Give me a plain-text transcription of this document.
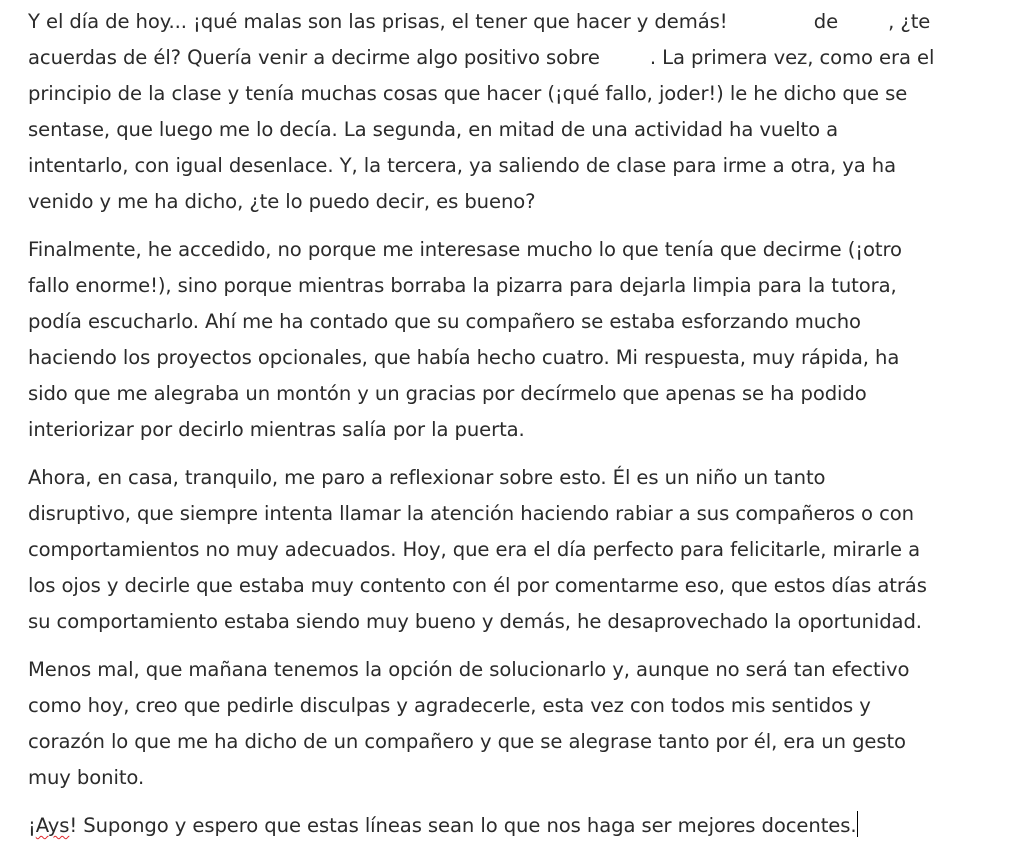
Y el día de hoy... ¡qué malas son las prisas, el tener que hacer y demás!	de , ¿te
acuerdas de él? Quería venir a decirme algo positivo sobre . La primera vez, como era el
principio de la clase y tenía muchas cosas que hacer (¡qué fallo, joder!) le he dicho que se
sentase, que luego me lo decía. La segunda, en mitad de una actividad ha vuelto a
intentarlo, con igual desenlace. Y, la tercera, ya saliendo de clase para irme a otra, ya ha
venido y me ha dicho, ¿te lo puedo decir, es bueno?

Finalmente, he accedido, no porque me interesase mucho lo que tenía que decirme (¡otro
fallo enorme!), sino porque mientras borraba la pizarra para dejarla limpia para la tutora,
podía escucharlo. Ahí me ha contado que su compañero se estaba esforzando mucho
haciendo los proyectos opcionales, que había hecho cuatro. Mi respuesta, muy rápida, ha
sido que me alegraba un montón y un gracias por decírmelo que apenas se ha podido
interiorizar por decirlo mientras salía por la puerta.

Ahora, en casa, tranquilo, me paro a reflexionar sobre esto. Él es un niño un tanto
disruptivo, que siempre intenta llamar la atención haciendo rabiar a sus compañeros o con
comportamientos no muy adecuados. Hoy, que era el día perfecto para felicitarle, mirarle a
los ojos y decirle que estaba muy contento con él por comentarme eso, que estos días atrás
su comportamiento estaba siendo muy bueno y demás, he desaprovechado la oportunidad.

Menos mal, que mañana tenemos la opción de solucionarlo y, aunque no será tan efectivo
como hoy, creo que pedirle disculpas y agradecerle, esta vez con todos mis sentidos y
corazón lo que me ha dicho de un compañero y que se alegrase tanto por él, era un gesto
muy bonito.

¡Ays! Supongo y espero que estas líneas sean lo que nos haga ser mejores docentes.
